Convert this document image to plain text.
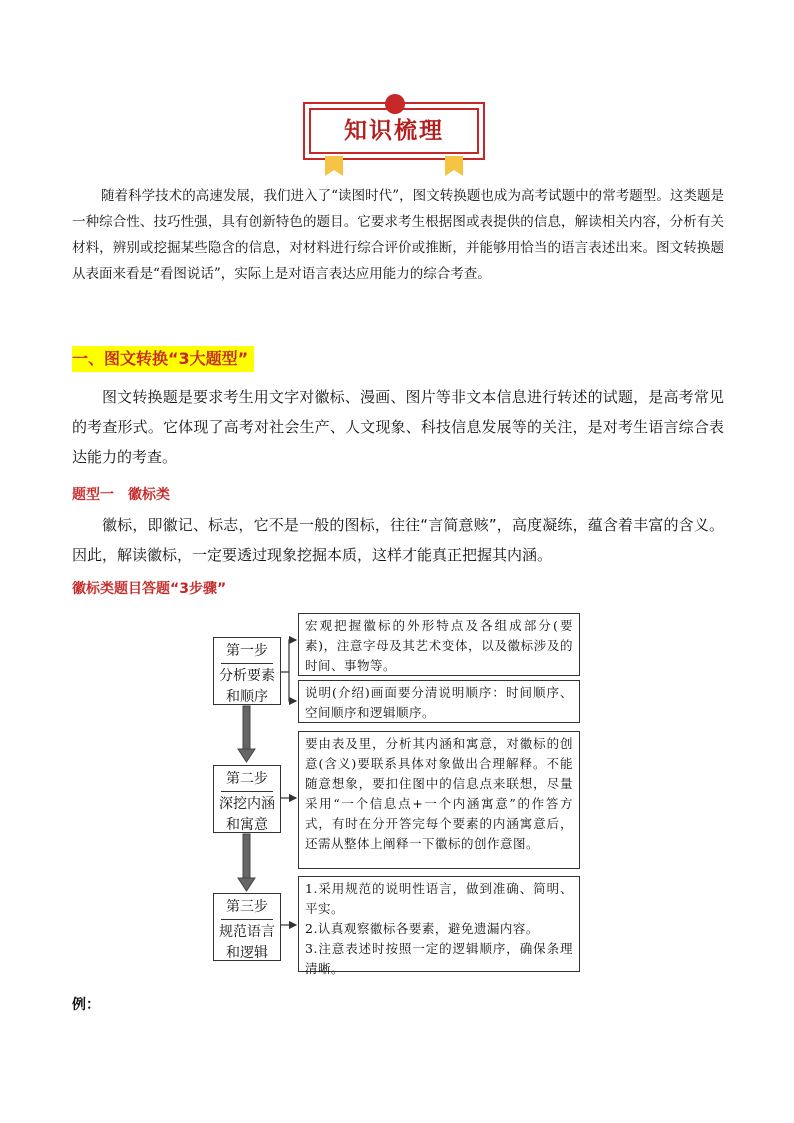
知识梳理

随着科学技术的高速发展，我们进入了“读图时代”，图文转换题也成为高考试题中的常考题型。这类题是一种综合性、技巧性强，具有创新特色的题目。它要求考生根据图或表提供的信息，解读相关内容，分析有关材料，辨别或挖掘某些隐含的信息，对材料进行综合评价或推断，并能够用恰当的语言表述出来。图文转换题从表面来看是“看图说话”，实际上是对语言表达应用能力的综合考查。

一、图文转换“3大题型”

图文转换题是要求考生用文字对徽标、漫画、图片等非文本信息进行转述的试题，是高考常见的考查形式。它体现了高考对社会生产、人文现象、科技信息发展等的关注，是对考生语言综合表达能力的考查。

题型一　徽标类

徽标，即徽记、标志，它不是一般的图标，往往“言简意赅”，高度凝练，蕴含着丰富的含义。因此，解读徽标，一定要透过现象挖掘本质，这样才能真正把握其内涵。

徽标类题目答题“3步骤”
第一步
分析要素和顺序
第二步
深挖内涵和寓意
第三步
规范语言和逻辑
宏观把握徽标的外形特点及各组成部分(要素)，注意字母及其艺术变体，以及徽标涉及的时间、事物等。
说明(介绍)画面要分清说明顺序：时间顺序、空间顺序和逻辑顺序。
要由表及里，分析其内涵和寓意，对徽标的创意(含义)要联系具体对象做出合理解释。不能随意想象，要扣住图中的信息点来联想，尽量采用“一个信息点+一个内涵寓意”的作答方式，有时在分开答完每个要素的内涵寓意后，还需从整体上阐释一下徽标的创作意图。
1.采用规范的说明性语言，做到准确、简明、平实。
2.认真观察徽标各要素，避免遗漏内容。
3.注意表述时按照一定的逻辑顺序，确保条理清晰。
例：
